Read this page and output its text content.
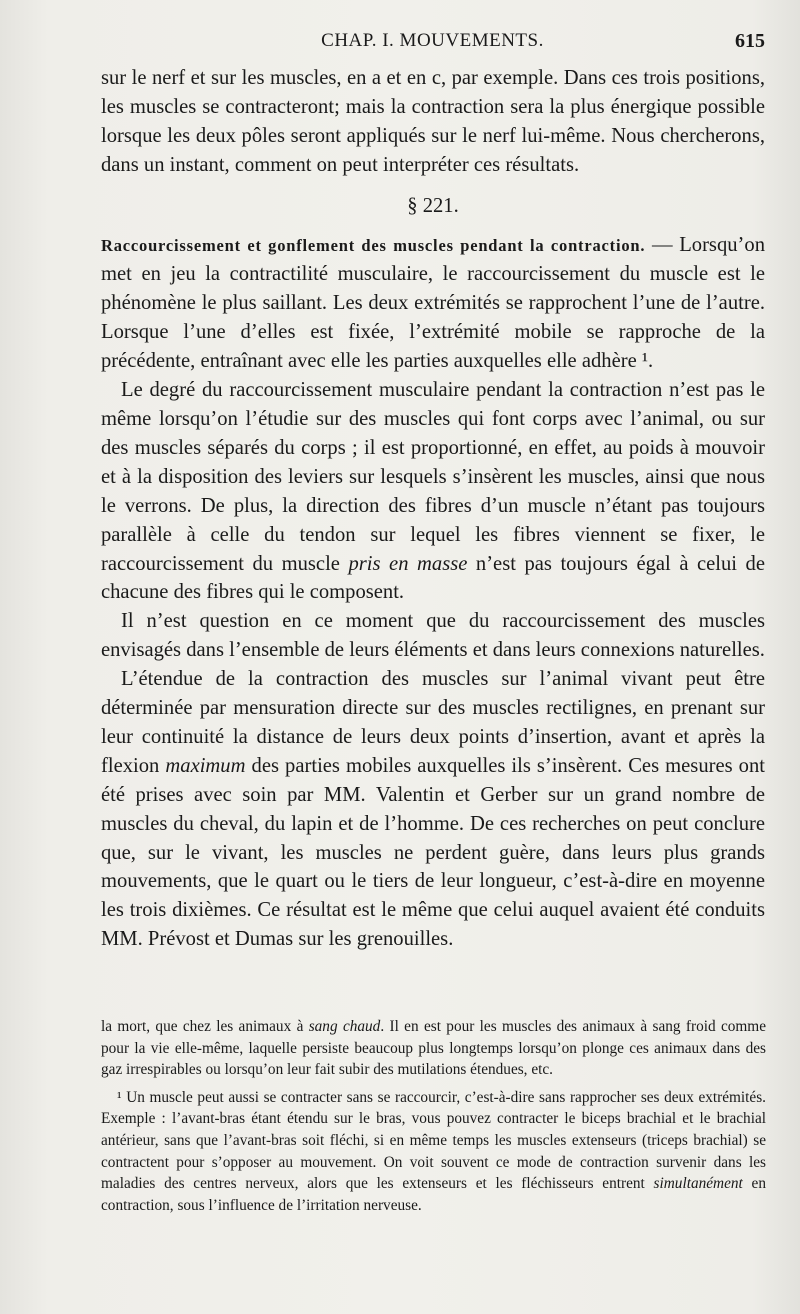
CHAP. I. MOUVEMENTS.	615

sur le nerf et sur les muscles, en a et en c, par exemple. Dans ces trois positions, les muscles se contracteront; mais la contraction sera la plus énergique possible lorsque les deux pôles seront appliqués sur le nerf lui-même. Nous chercherons, dans un instant, comment on peut interpréter ces résultats.

§ 221.

Raccourcissement et gonflement des muscles pendant la contraction. — Lorsqu’on met en jeu la contractilité musculaire, le raccourcissement du muscle est le phénomène le plus saillant. Les deux extrémités se rapprochent l’une de l’autre. Lorsque l’une d’elles est fixée, l’extrémité mobile se rapproche de la précédente, entraînant avec elle les parties auxquelles elle adhère ¹.

Le degré du raccourcissement musculaire pendant la contraction n’est pas le même lorsqu’on l’étudie sur des muscles qui font corps avec l’animal, ou sur des muscles séparés du corps ; il est proportionné, en effet, au poids à mouvoir et à la disposition des leviers sur lesquels s’insèrent les muscles, ainsi que nous le verrons. De plus, la direction des fibres d’un muscle n’étant pas toujours parallèle à celle du tendon sur lequel les fibres viennent se fixer, le raccourcissement du muscle pris en masse n’est pas toujours égal à celui de chacune des fibres qui le composent.

Il n’est question en ce moment que du raccourcissement des muscles envisagés dans l’ensemble de leurs éléments et dans leurs connexions naturelles.

L’étendue de la contraction des muscles sur l’animal vivant peut être déterminée par mensuration directe sur des muscles rectilignes, en prenant sur leur continuité la distance de leurs deux points d’insertion, avant et après la flexion maximum des parties mobiles auxquelles ils s’insèrent. Ces mesures ont été prises avec soin par MM. Valentin et Gerber sur un grand nombre de muscles du cheval, du lapin et de l’homme. De ces recherches on peut conclure que, sur le vivant, les muscles ne perdent guère, dans leurs plus grands mouvements, que le quart ou le tiers de leur longueur, c’est-à-dire en moyenne les trois dixièmes. Ce résultat est le même que celui auquel avaient été conduits MM. Prévost et Dumas sur les grenouilles.

la mort, que chez les animaux à sang chaud. Il en est pour les muscles des animaux à sang froid comme pour la vie elle-même, laquelle persiste beaucoup plus longtemps lorsqu’on plonge ces animaux dans des gaz irrespirables ou lorsqu’on leur fait subir des mutilations étendues, etc.

¹ Un muscle peut aussi se contracter sans se raccourcir, c’est-à-dire sans rapprocher ses deux extrémités. Exemple : l’avant-bras étant étendu sur le bras, vous pouvez contracter le biceps brachial et le brachial antérieur, sans que l’avant-bras soit fléchi, si en même temps les muscles extenseurs (triceps brachial) se contractent pour s’opposer au mouvement. On voit souvent ce mode de contraction survenir dans les maladies des centres nerveux, alors que les extenseurs et les fléchisseurs entrent simultanément en contraction, sous l’influence de l’irritation nerveuse.
